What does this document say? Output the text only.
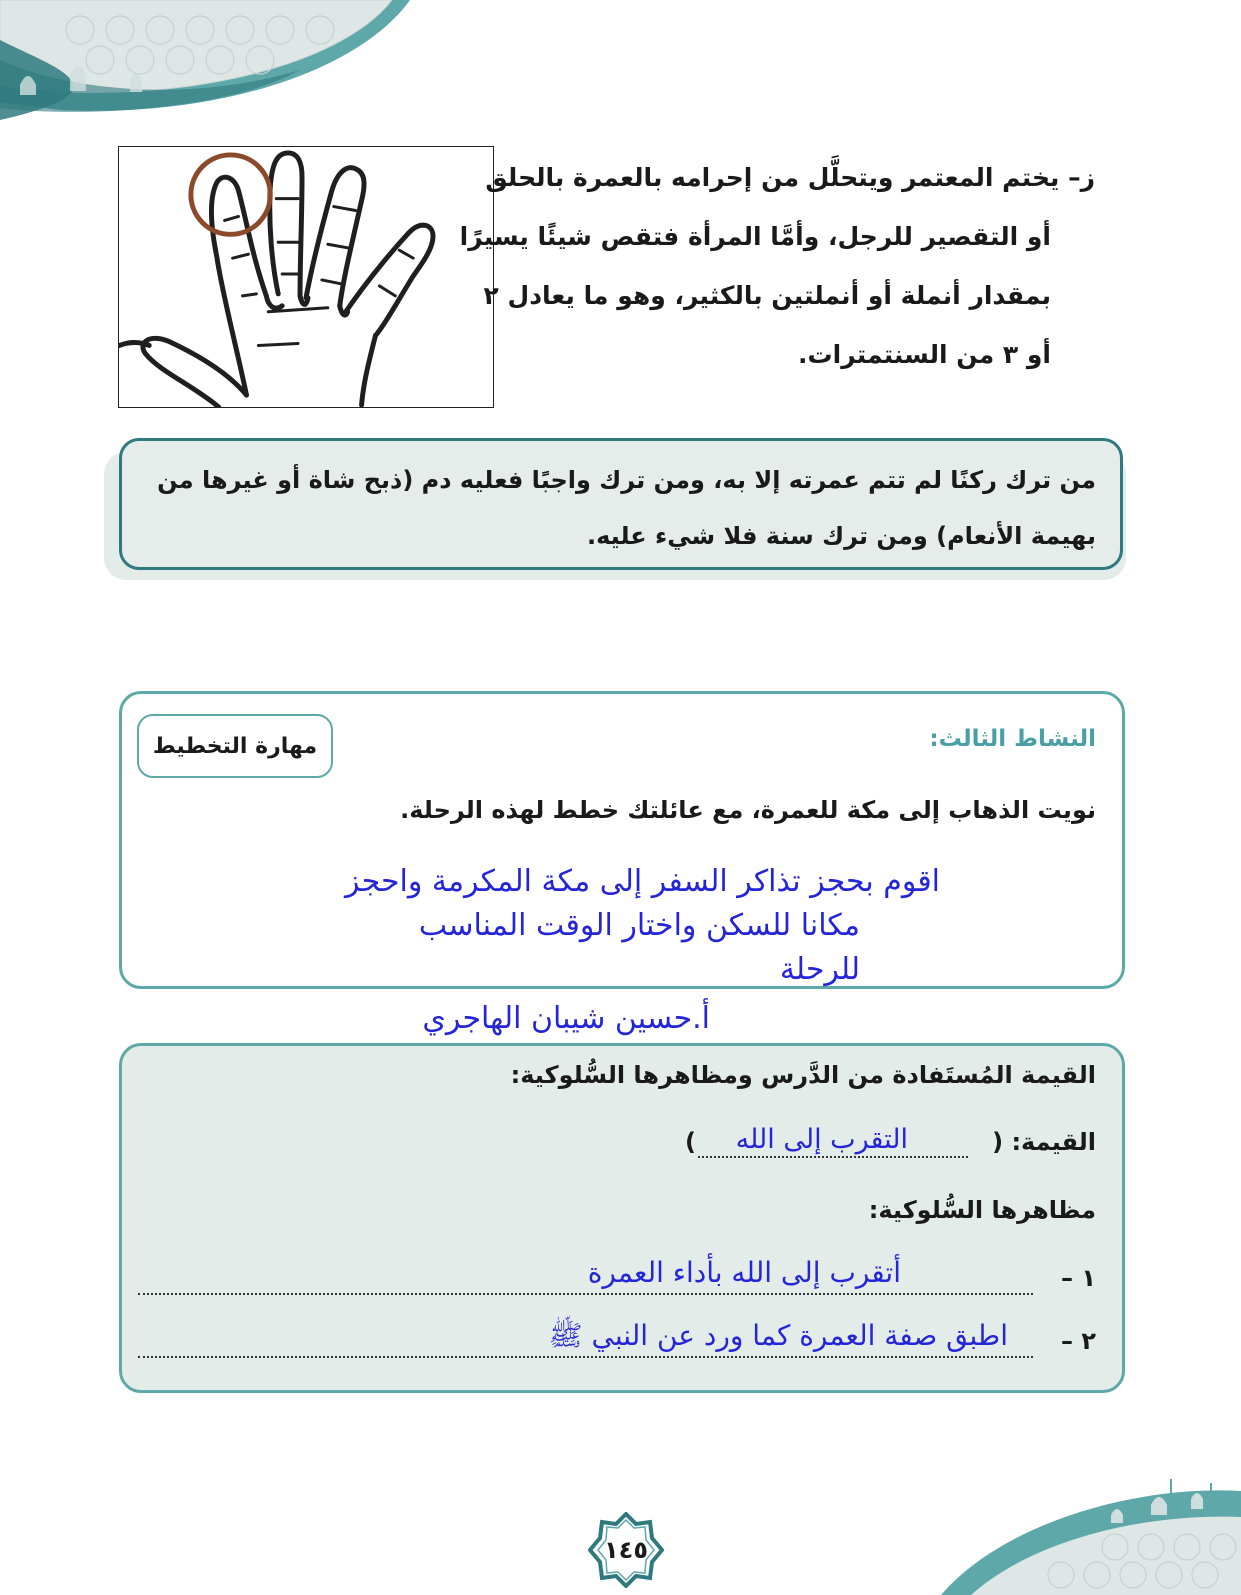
ز– يختم المعتمر ويتحلَّل من إحرامه بالعمرة بالحلق
أو التقصير للرجل، وأمَّا المرأة فتقص شيئًا يسيرًا
بمقدار أنملة أو أنملتين بالكثير، وهو ما يعادل ٢
أو ٣ من السنتمترات.
من ترك ركنًا لم تتم عمرته إلا به، ومن ترك واجبًا فعليه دم (ذبح شاة أو غيرها من بهيمة الأنعام) ومن ترك سنة فلا شيء عليه.
مهارة التخطيط	النشاط الثالث:
نويت الذهاب إلى مكة للعمرة، مع عائلتك خطط لهذه الرحلة.
اقوم بحجز تذاكر السفر إلى مكة المكرمة واحجز
مكانا للسكن واختار الوقت المناسب للرحلة
أ.حسين شيبان الهاجري
القيمة المُستَفادة من الدَّرس ومظاهرها السُّلوكية:
القيمة: (
التقرب إلى الله
)
مظاهرها السُّلوكية:
١ –
أتقرب إلى الله بأداء العمرة
٢ –
اطبق صفة العمرة كما ورد عن النبي ﷺ
١٤٥
